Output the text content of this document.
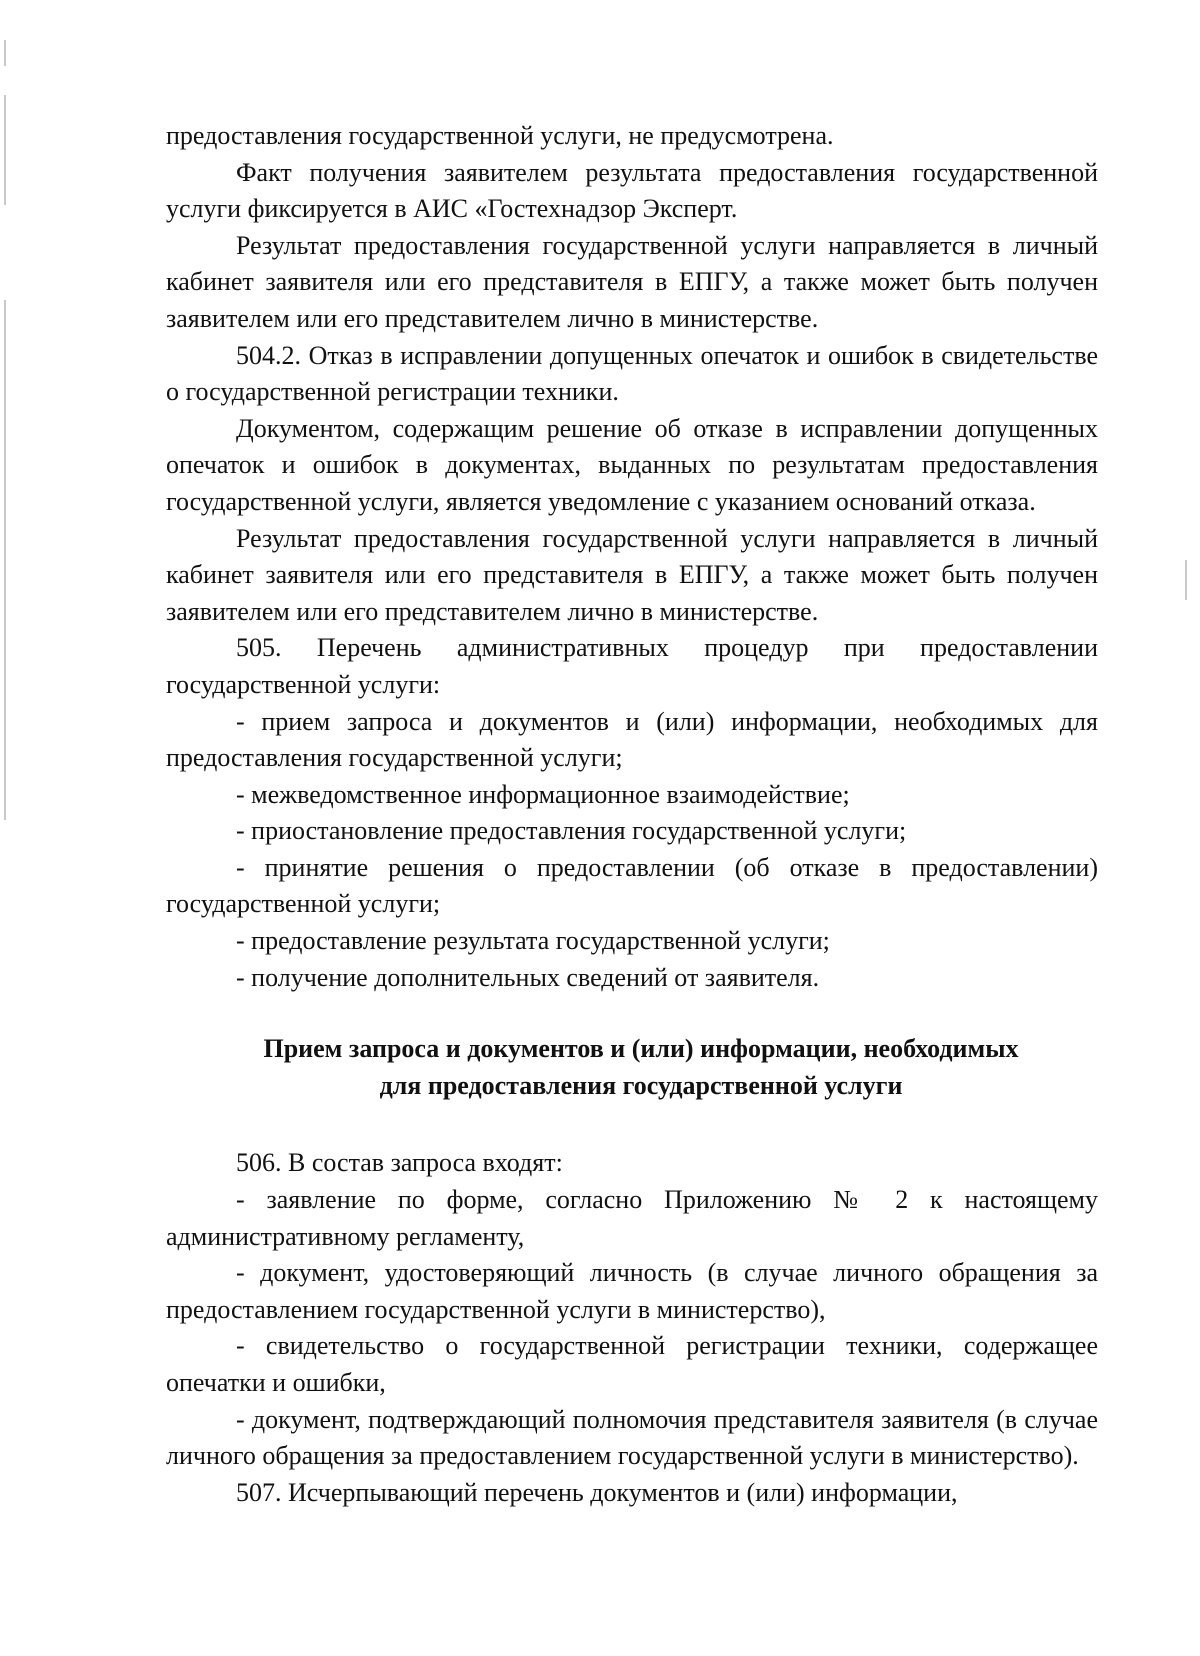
предоставления государственной услуги, не предусмотрена.

Факт получения заявителем результата предоставления государственной услуги фиксируется в АИС «Гостехнадзор Эксперт.

Результат предоставления государственной услуги направляется в личный кабинет заявителя или его представителя в ЕПГУ, а также может быть получен заявителем или его представителем лично в министерстве.

504.2. Отказ в исправлении допущенных опечаток и ошибок в свидетельстве о государственной регистрации техники.

Документом, содержащим решение об отказе в исправлении допущенных опечаток и ошибок в документах, выданных по результатам предоставления государственной услуги, является уведомление с указанием оснований отказа.

Результат предоставления государственной услуги направляется в личный кабинет заявителя или его представителя в ЕПГУ, а также может быть получен заявителем или его представителем лично в министерстве.

505. Перечень административных процедур при предоставлении государственной услуги:

- прием запроса и документов и (или) информации, необходимых для предоставления государственной услуги;

- межведомственное информационное взаимодействие;

- приостановление предоставления государственной услуги;

- принятие решения о предоставлении (об отказе в предоставлении) государственной услуги;

- предоставление результата государственной услуги;

- получение дополнительных сведений от заявителя.

Прием запроса и документов и (или) информации, необходимых
для предоставления государственной услуги

506. В состав запроса входят:

- заявление по форме, согласно Приложению № 2 к настоящему административному регламенту,

- документ, удостоверяющий личность (в случае личного обращения за предоставлением государственной услуги в министерство),

- свидетельство о государственной регистрации техники, содержащее опечатки и ошибки,

- документ, подтверждающий полномочия представителя заявителя (в случае личного обращения за предоставлением государственной услуги в министерство).

507. Исчерпывающий перечень документов и (или) информации,
